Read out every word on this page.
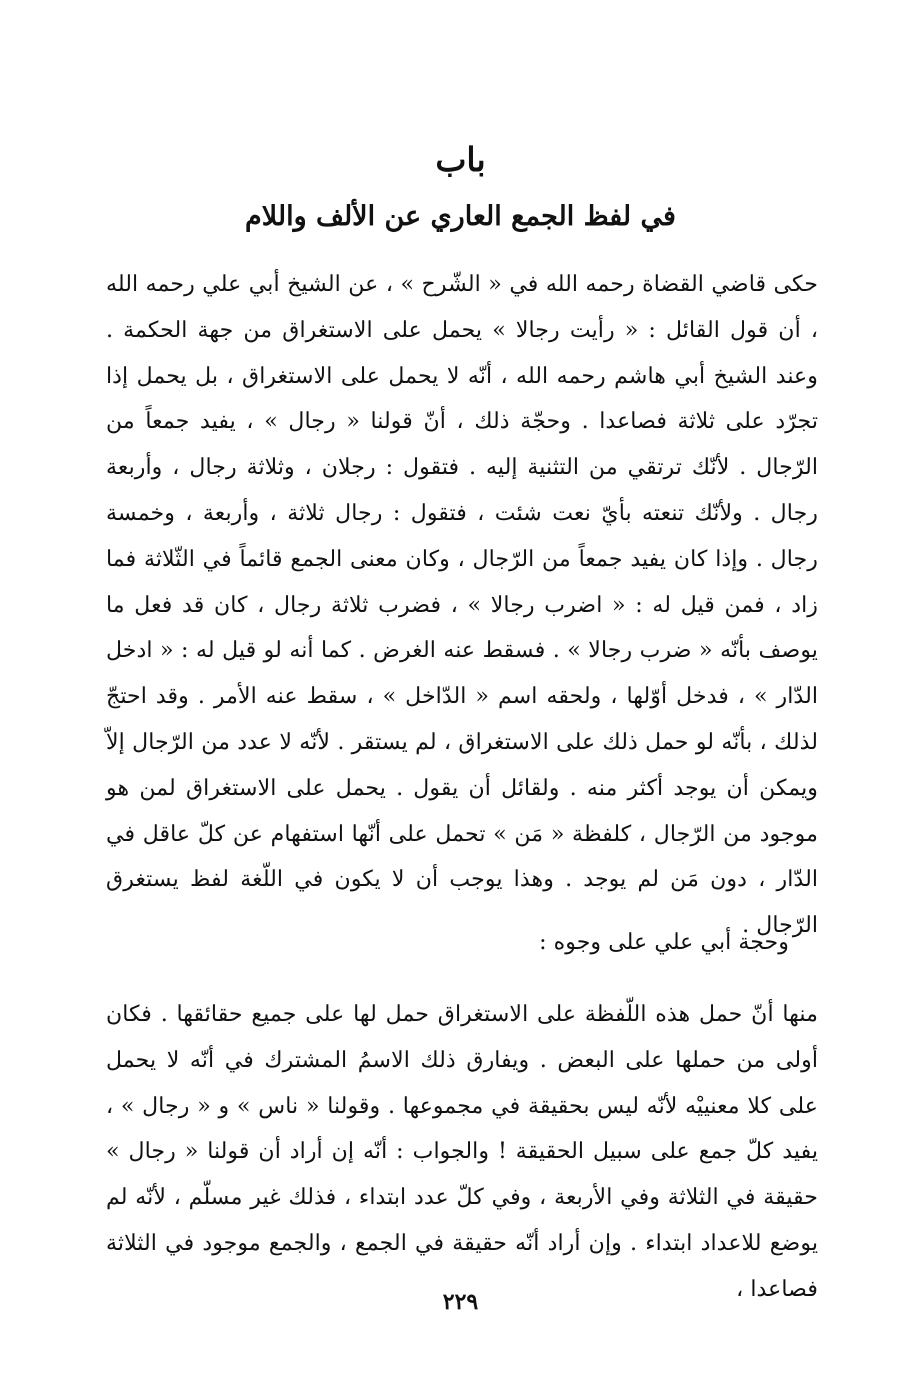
باب
في لفظ الجمع العاري عن الألف واللام

حكى قاضي القضاة رحمه الله في « الشّرح » ، عن الشيخ أبي علي رحمه الله ، أن قول القائل : « رأيت رجالا » يحمل على الاستغراق من جهة الحكمة . وعند الشيخ أبي هاشم رحمه الله ، أنّه لا يحمل على الاستغراق ، بل يحمل إذا تجرّد على ثلاثة فصاعدا . وحجّة ذلك ، أنّ قولنا « رجال » ، يفيد جمعاً من الرّجال . لأنّك ترتقي من التثنية إليه . فتقول : رجلان ، وثلاثة رجال ، وأربعة رجال . ولأنّك تنعته بأيّ نعت شئت ، فتقول : رجال ثلاثة ، وأربعة ، وخمسة رجال . وإذا كان يفيد جمعاً من الرّجال ، وكان معنى الجمع قائماً في الثّلاثة فما زاد ، فمن قيل له : « اضرب رجالا » ، فضرب ثلاثة رجال ، كان قد فعل ما يوصف بأنّه « ضرب رجالا » . فسقط عنه الغرض . كما أنه لو قيل له : « ادخل الدّار » ، فدخل أوّلها ، ولحقه اسم « الدّاخل » ، سقط عنه الأمر . وقد احتجّ لذلك ، بأنّه لو حمل ذلك على الاستغراق ، لم يستقر . لأنّه لا عدد من الرّجال إلاّ ويمكن أن يوجد أكثر منه . ولقائل أن يقول . يحمل على الاستغراق لمن هو موجود من الرّجال ، كلفظة « مَن » تحمل على أنّها استفهام عن كلّ عاقل في الدّار ، دون مَن لم يوجد . وهذا يوجب أن لا يكون في اللّغة لفظ يستغرق الرّجال .

وحجة أبي علي على وجوه :

منها أنّ حمل هذه اللّفظة على الاستغراق حمل لها على جميع حقائقها . فكان أولى من حملها على البعض . ويفارق ذلك الاسمُ المشترك في أنّه لا يحمل على كلا معنييْه لأنّه ليس بحقيقة في مجموعها . وقولنا « ناس » و « رجال » ، يفيد كلّ جمع على سبيل الحقيقة ! والجواب : أنّه إن أراد أن قولنا « رجال » حقيقة في الثلاثة وفي الأربعة ، وفي كلّ عدد ابتداء ، فذلك غير مسلّم ، لأنّه لم يوضع للاعداد ابتداء . وإن أراد أنّه حقيقة في الجمع ، والجمع موجود في الثلاثة فصاعدا ،

٢٢٩
